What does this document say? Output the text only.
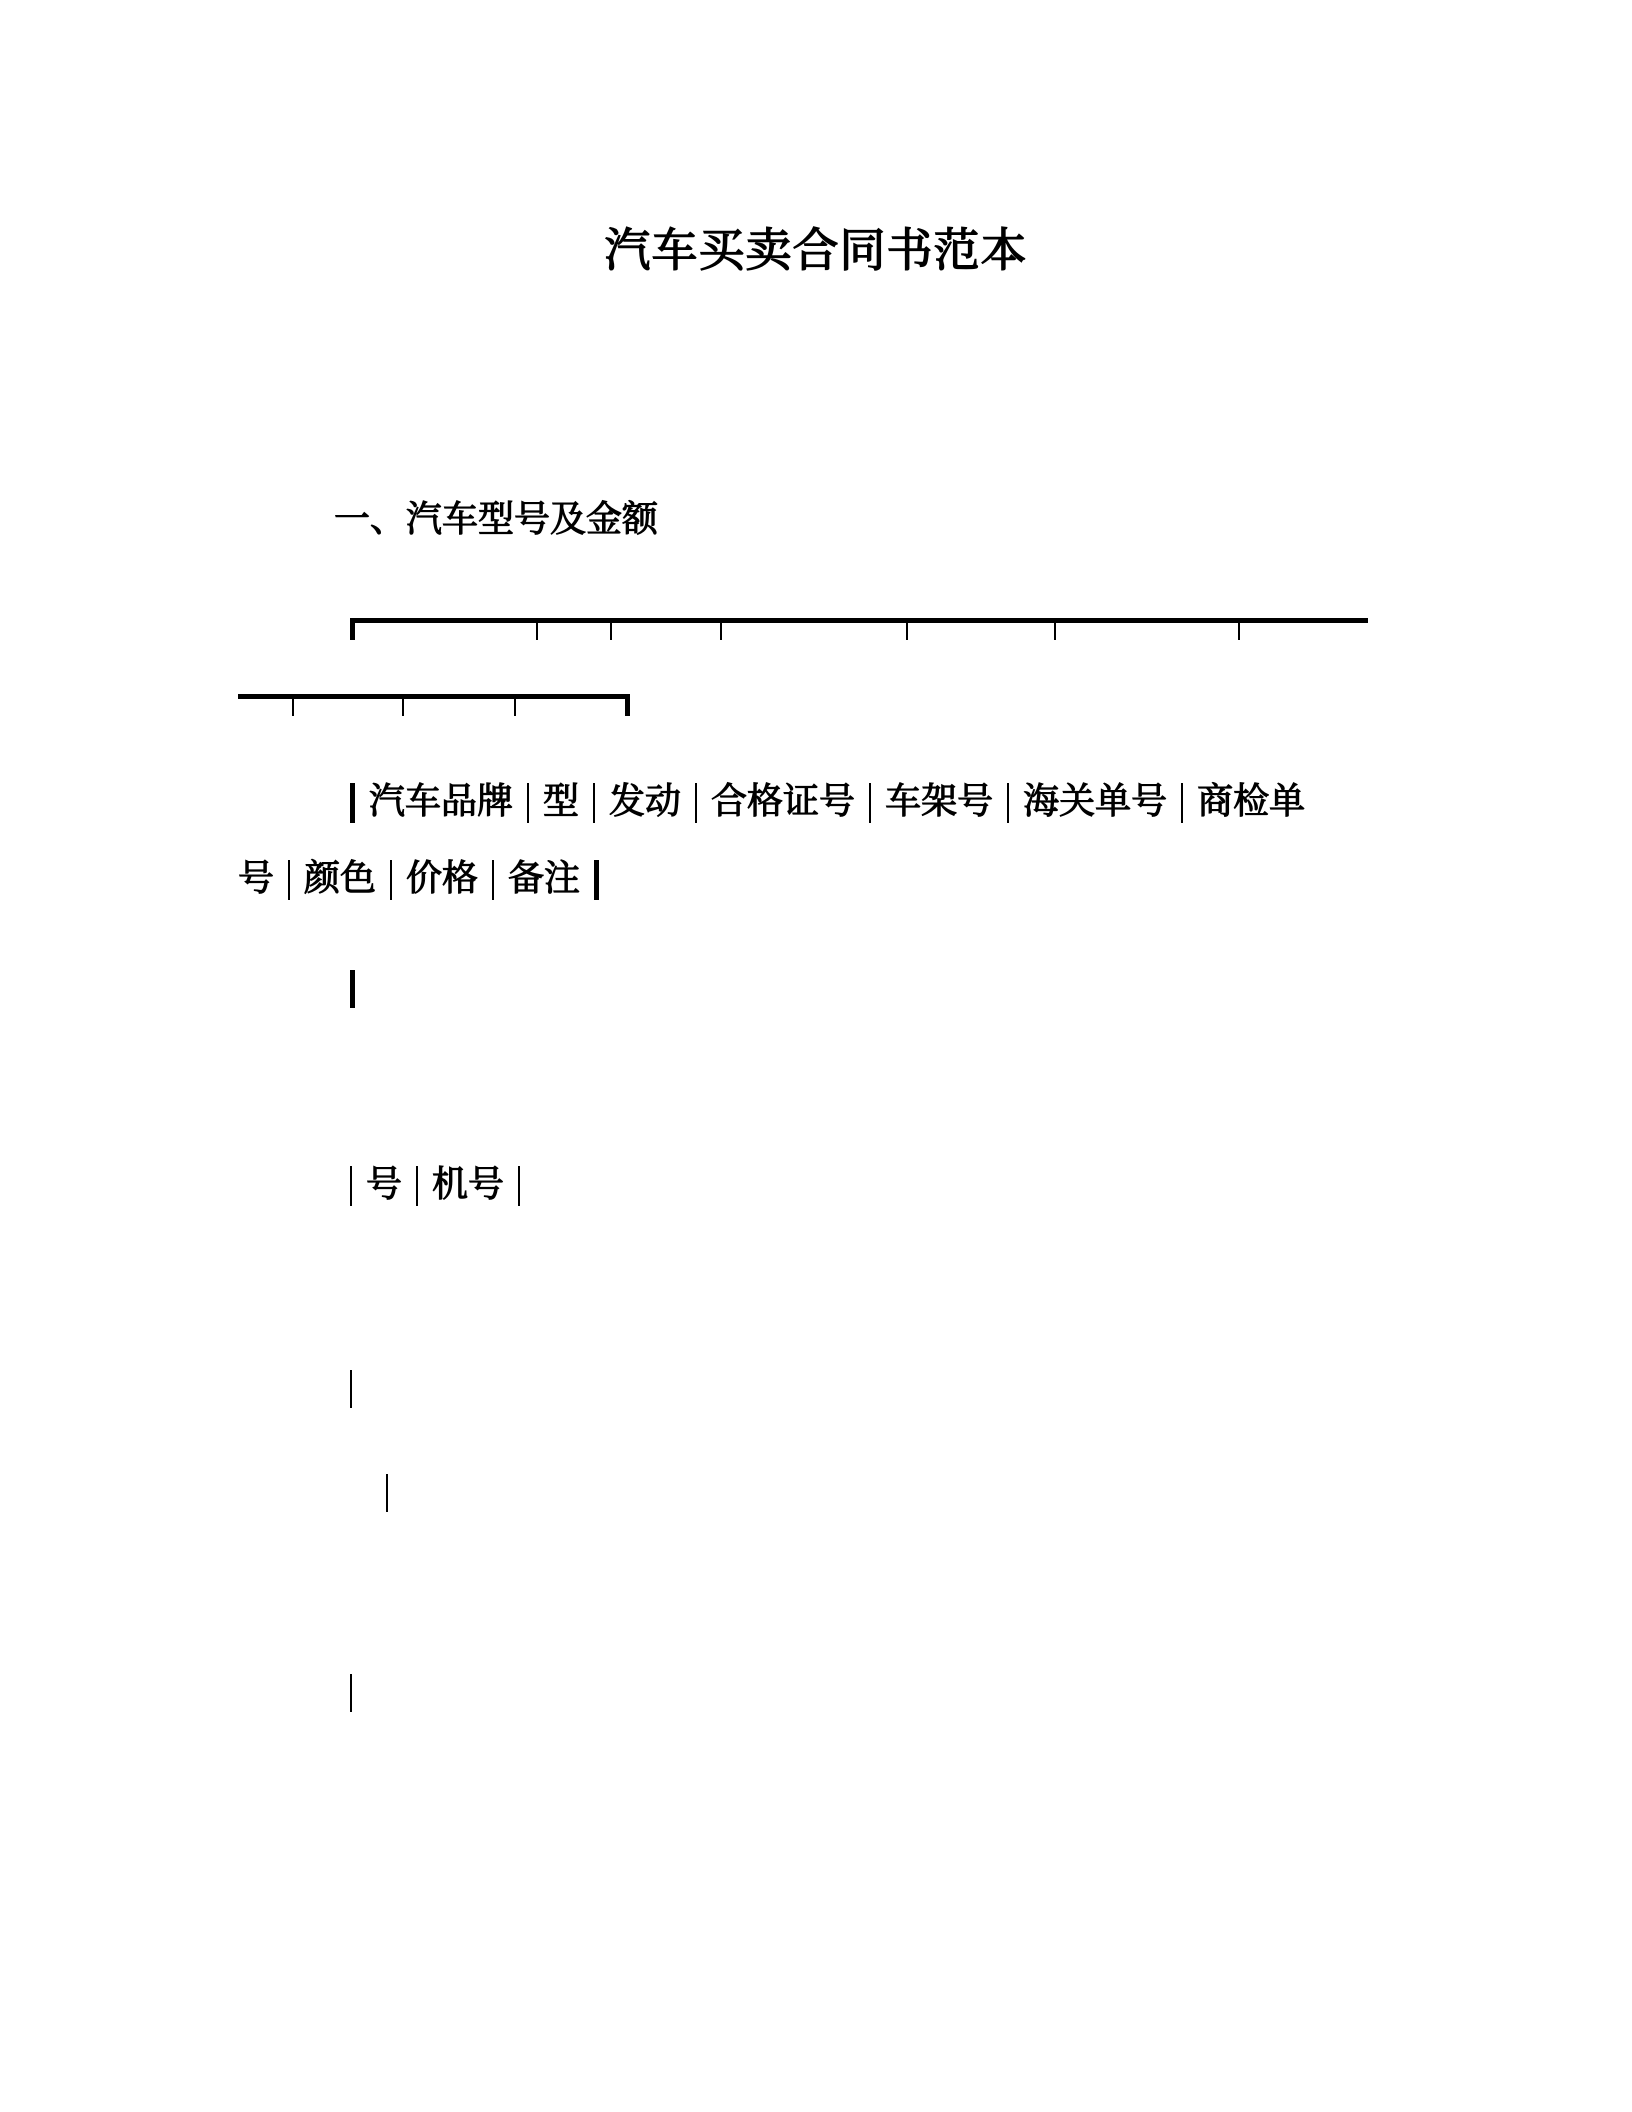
汽车买卖合同书范本
一、汽车型号及金额
汽车品牌 型 发动 合格证号 车架号 海关单号 商检单
号 颜色 价格 备注
号 机号
